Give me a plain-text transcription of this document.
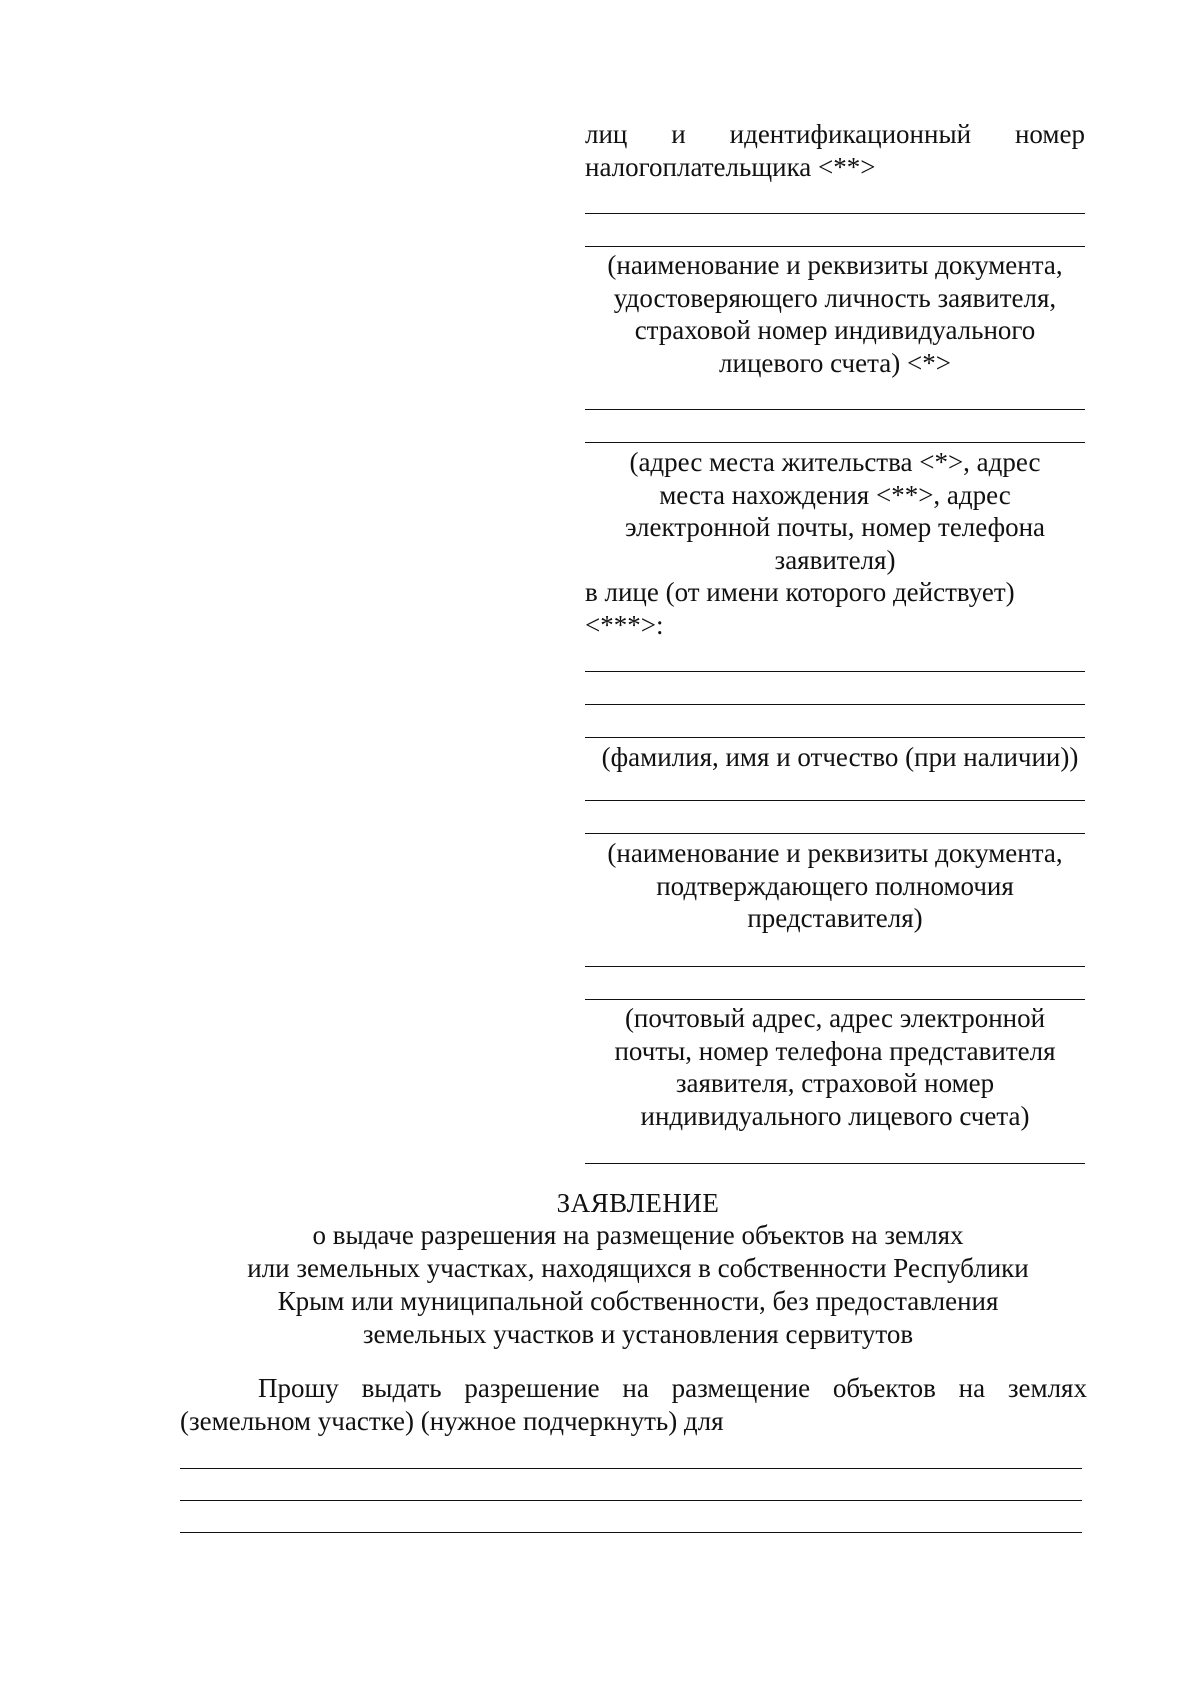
лиц и идентификационный номер

налогоплательщика <**>

(наименование и реквизиты документа,

удостоверяющего личность заявителя,

страховой номер индивидуального

лицевого счета) <*>

(адрес места жительства <*>, адрес

места нахождения <**>, адрес

электронной почты, номер телефона

заявителя)

в лице (от имени которого действует)

<***>:

(фамилия, имя и отчество (при наличии))

(наименование и реквизиты документа,

подтверждающего полномочия

представителя)

(почтовый адрес, адрес электронной

почты, номер телефона представителя

заявителя, страховой номер

индивидуального лицевого счета)

ЗАЯВЛЕНИЕ
о выдаче разрешения на размещение объектов на землях
или земельных участках, находящихся в собственности Республики
Крым или муниципальной собственности, без предоставления
земельных участков и установления сервитутов
Прошу выдать разрешение на размещение объектов на землях
(земельном участке) (нужное подчеркнуть) для
